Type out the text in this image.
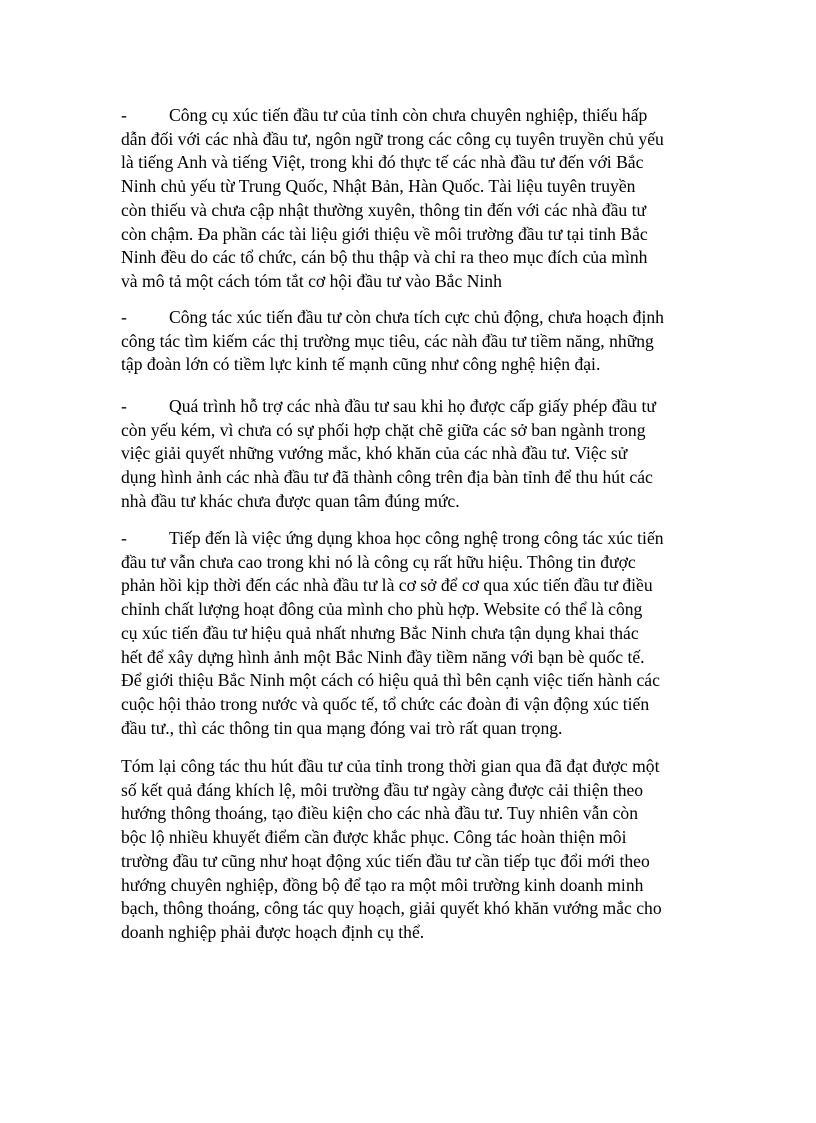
- Công cụ xúc tiến đầu tư của tỉnh còn chưa chuyên nghiệp, thiếu hấp
dẫn đối với các nhà đầu tư, ngôn ngữ trong các công cụ tuyên truyền chủ yếu
là tiếng Anh và tiếng Việt, trong khi đó thực tế các nhà đầu tư đến với Bắc
Ninh chủ yếu từ Trung Quốc, Nhật Bản, Hàn Quốc. Tài liệu tuyên truyền
còn thiếu và chưa cập nhật thường xuyên, thông tin đến với các nhà đầu tư
còn chậm. Đa phần các tài liệu giới thiệu về môi trường đầu tư tại tỉnh Bắc
Ninh đều do các tổ chức, cán bộ thu thập và chỉ ra theo mục đích của mình
và mô tả một cách tóm tắt cơ hội đầu tư vào Bắc Ninh

- Công tác xúc tiến đầu tư còn chưa tích cực chủ động, chưa hoạch định
công tác tìm kiếm các thị trường mục tiêu, các nàh đầu tư tiềm năng, những
tập đoàn lớn có tiềm lực kinh tế mạnh cũng như công nghệ hiện đại.

- Quá trình hỗ trợ các nhà đầu tư sau khi họ được cấp giấy phép đầu tư
còn yếu kém, vì chưa có sự phối hợp chặt chẽ giữa các sở ban ngành trong
việc giải quyết những vướng mắc, khó khăn của các nhà đầu tư. Việc sử
dụng hình ảnh các nhà đầu tư đã thành công trên địa bàn tỉnh để thu hút các
nhà đầu tư khác chưa được quan tâm đúng mức.

- Tiếp đến là việc ứng dụng khoa học công nghệ trong công tác xúc tiến
đầu tư vẫn chưa cao trong khi nó là công cụ rất hữu hiệu. Thông tin được
phản hồi kịp thời đến các nhà đầu tư là cơ sở để cơ qua xúc tiến đầu tư điều
chỉnh chất lượng hoạt đông của mình cho phù hợp. Website có thể là công
cụ xúc tiến đầu tư hiệu quả nhất nhưng Bắc Ninh chưa tận dụng khai thác
hết để xây dựng hình ảnh một Bắc Ninh đầy tiềm năng với bạn bè quốc tế.
Để giới thiệu Bắc Ninh một cách có hiệu quả thì bên cạnh việc tiến hành các
cuộc hội thảo trong nước và quốc tế, tổ chức các đoàn đi vận động xúc tiến
đầu tư., thì các thông tin qua mạng đóng vai trò rất quan trọng.

Tóm lại công tác thu hút đầu tư của tỉnh trong thời gian qua đã đạt được một
số kết quả đáng khích lệ, môi trường đầu tư ngày càng được cải thiện theo
hướng thông thoáng, tạo điều kiện cho các nhà đầu tư. Tuy nhiên vẫn còn
bộc lộ nhiều khuyết điểm cần được khắc phục. Công tác hoàn thiện môi
trường đầu tư cũng như hoạt động xúc tiến đầu tư cần tiếp tục đổi mới theo
hướng chuyên nghiệp, đồng bộ để tạo ra một môi trường kinh doanh minh
bạch, thông thoáng, công tác quy hoạch, giải quyết khó khăn vướng mắc cho
doanh nghiệp phải được hoạch định cụ thể.
